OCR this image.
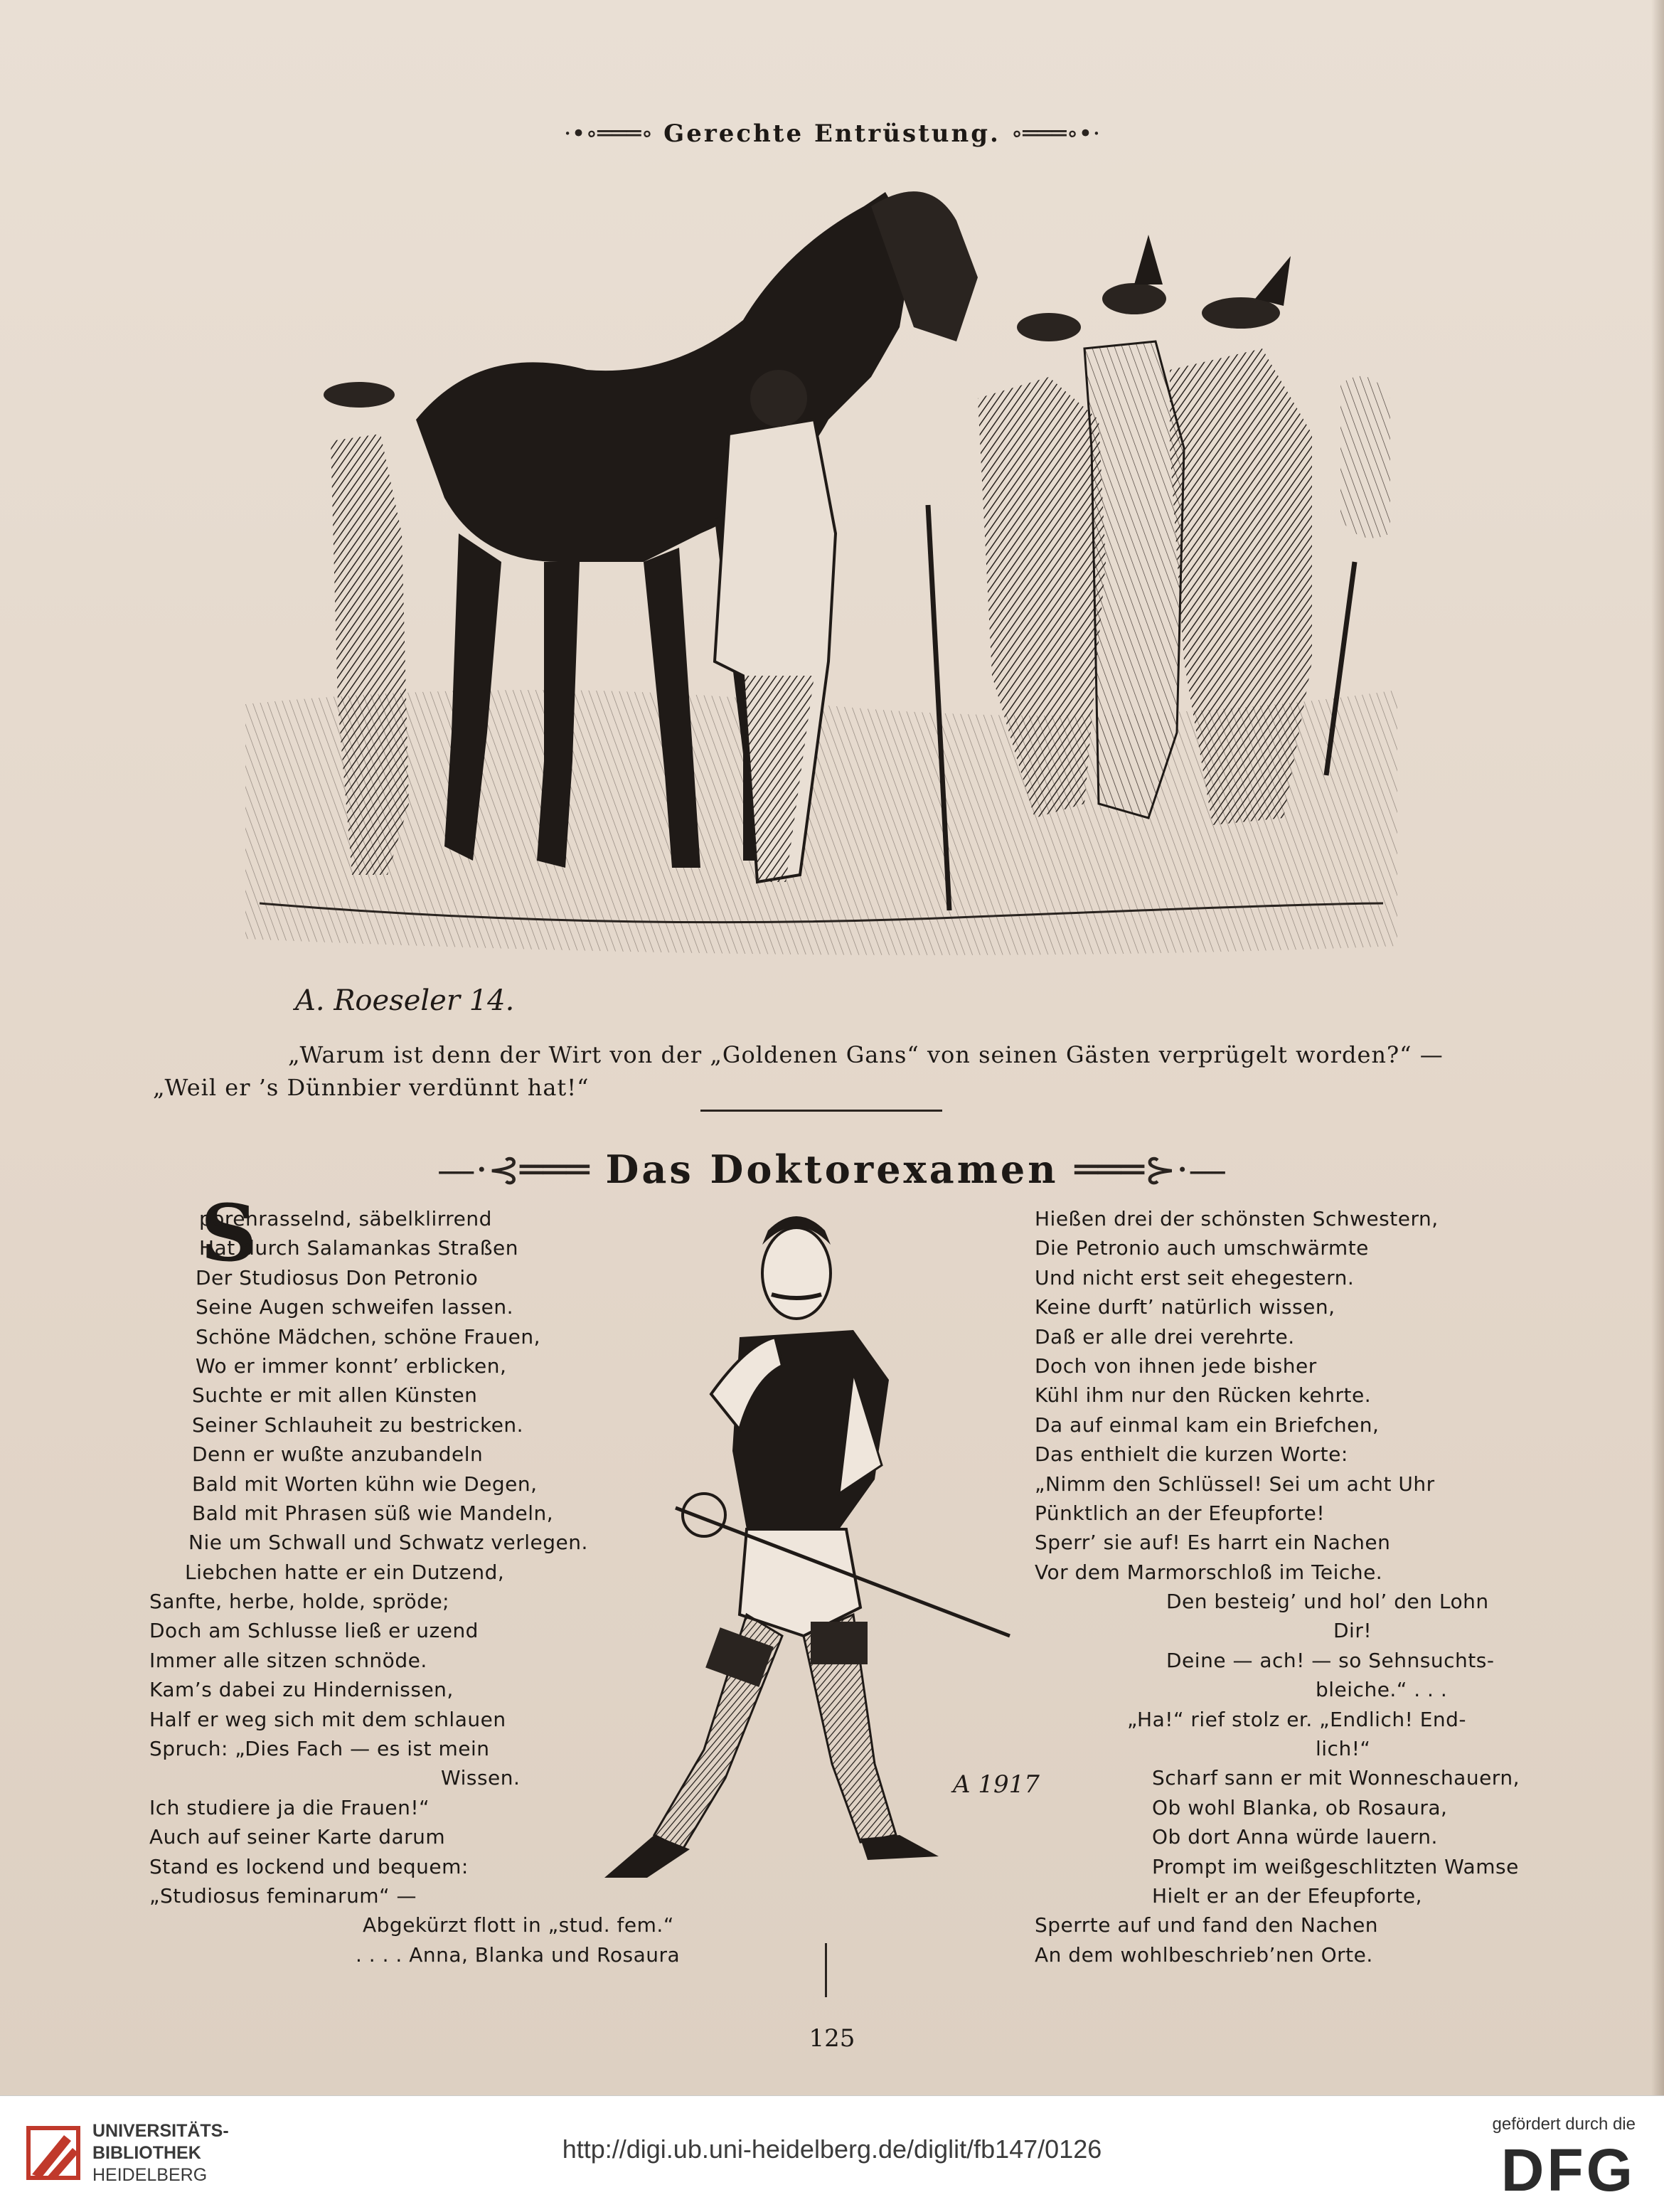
·•∘═══∘ Gerechte Entrüstung. ∘═══∘•·
A. Roeseler 14.
„Warum ist denn der Wirt von der „Goldenen Gans“ von seinen Gästen verprügelt worden?“ — „Weil er ’s Dünnbier verdünnt hat!“
—·⊰═══ Das Doktorexamen ═══⊱·—
S
porenrasselnd, säbelklirrend
Hat durch Salamankas Straßen
Der Studiosus Don Petronio
Seine Augen schweifen lassen.
Schöne Mädchen, schöne Frauen,
Wo er immer konnt’ erblicken,
Suchte er mit allen Künsten
Seiner Schlauheit zu bestricken.
Denn er wußte anzubandeln
Bald mit Worten kühn wie Degen,
Bald mit Phrasen süß wie Mandeln,
Nie um Schwall und Schwatz verlegen.
Liebchen hatte er ein Dutzend,
Sanfte, herbe, holde, spröde;
Doch am Schlusse ließ er uzend
Immer alle sitzen schnöde.
Kam’s dabei zu Hindernissen,
Half er weg sich mit dem schlauen
Spruch: „Dies Fach — es ist mein
Wissen.
Ich studiere ja die Frauen!“
Auch auf seiner Karte darum
Stand es lockend und bequem:
„Studiosus feminarum“ —
Abgekürzt flott in „stud. fem.“
. . . . Anna, Blanka und Rosaura
Hießen drei der schönsten Schwestern,
Die Petronio auch umschwärmte
Und nicht erst seit ehegestern.
Keine durft’ natürlich wissen,
Daß er alle drei verehrte.
Doch von ihnen jede bisher
Kühl ihm nur den Rücken kehrte.
Da auf einmal kam ein Briefchen,
Das enthielt die kurzen Worte:
„Nimm den Schlüssel! Sei um acht Uhr
Pünktlich an der Efeupforte!
Sperr’ sie auf! Es harrt ein Nachen
Vor dem Marmorschloß im Teiche.
Den besteig’ und hol’ den Lohn
Dir!
Deine — ach! — so Sehnsuchts-
bleiche.“ . . .
„Ha!“ rief stolz er. „Endlich! End-
lich!“
Scharf sann er mit Wonneschauern,
Ob wohl Blanka, ob Rosaura,
Ob dort Anna würde lauern.
Prompt im weißgeschlitzten Wamse
Hielt er an der Efeupforte,
Sperrte auf und fand den Nachen
An dem wohlbeschrieb’nen Orte.
A 1917
125
UNIVERSITÄTS-
BIBLIOTHEK
HEIDELBERG
http://digi.ub.uni-heidelberg.de/diglit/fb147/0126
gefördert durch die
DFG
